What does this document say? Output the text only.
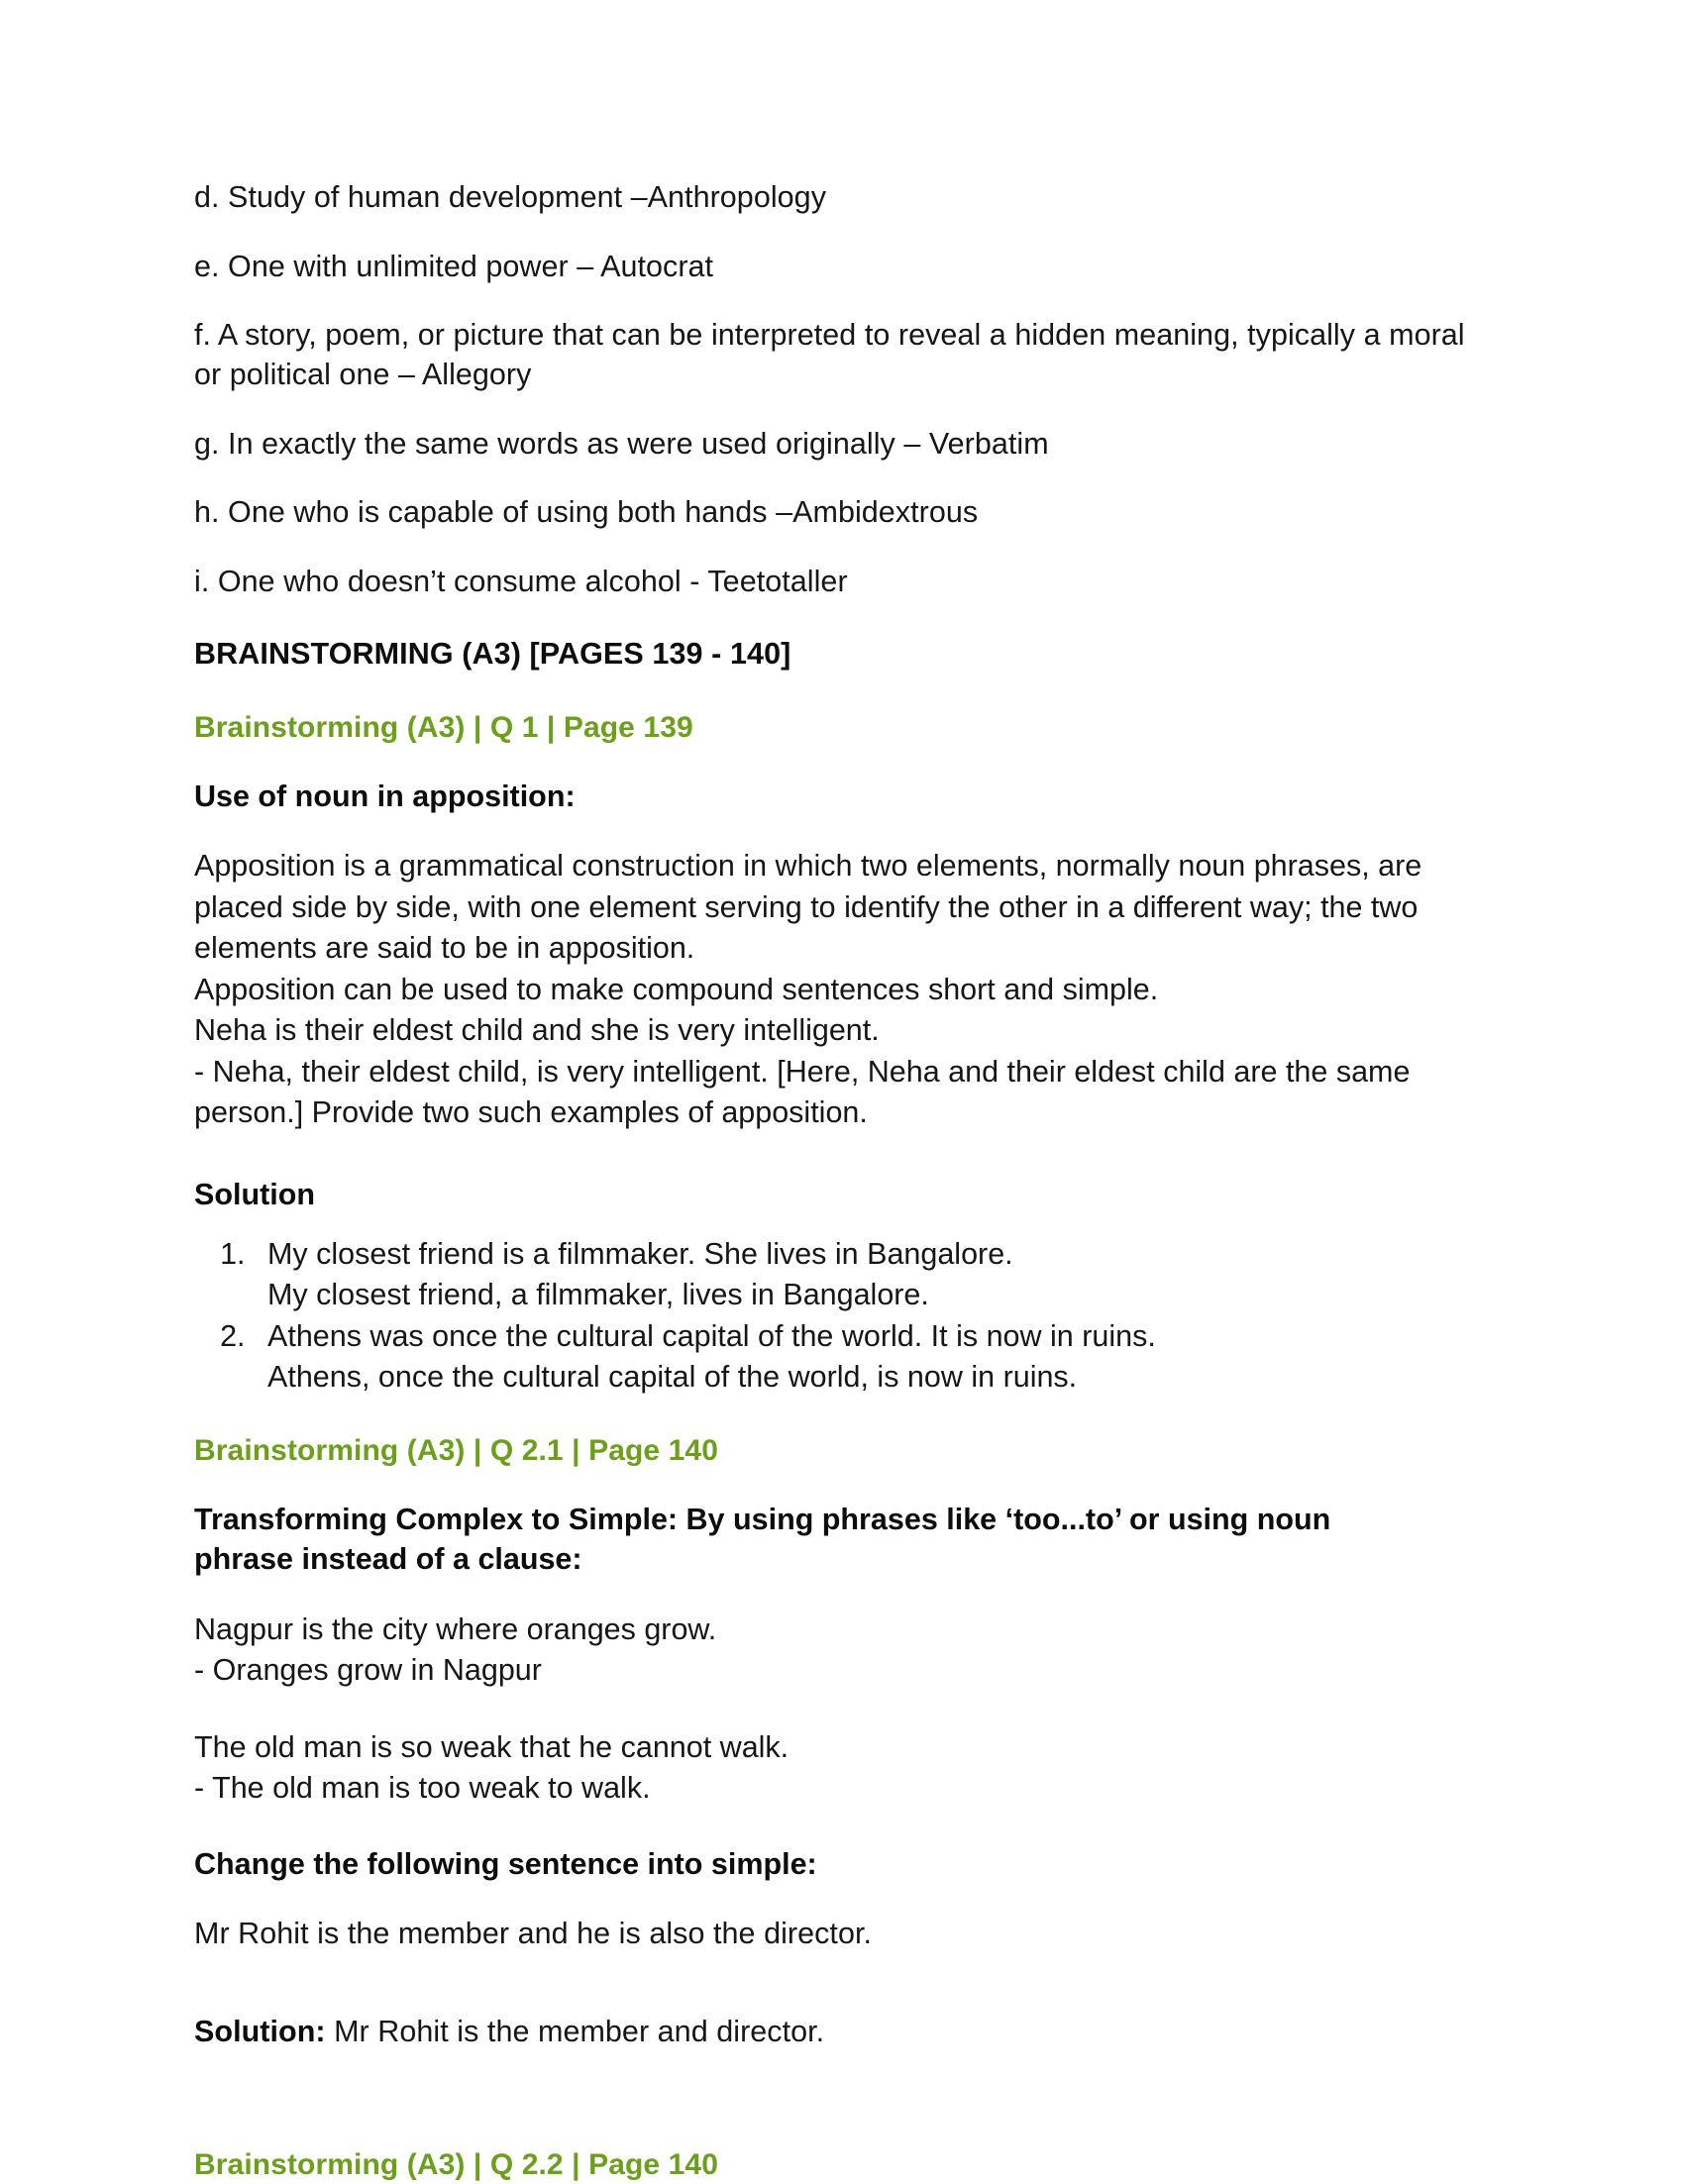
d. Study of human development –Anthropology

e. One with unlimited power – Autocrat

f. A story, poem, or picture that can be interpreted to reveal a hidden meaning, typically a moral or political one – Allegory

g. In exactly the same words as were used originally – Verbatim

h. One who is capable of using both hands –Ambidextrous

i. One who doesn’t consume alcohol - Teetotaller

BRAINSTORMING (A3) [PAGES 139 - 140]
Brainstorming (A3) | Q 1 | Page 139
Use of noun in apposition:
Apposition is a grammatical construction in which two elements, normally noun phrases, are placed side by side, with one element serving to identify the other in a different way; the two elements are said to be in apposition.
Apposition can be used to make compound sentences short and simple.
Neha is their eldest child and she is very intelligent.
- Neha, their eldest child, is very intelligent. [Here, Neha and their eldest child are the same person.] Provide two such examples of apposition.
Solution
1. My closest friend is a filmmaker. She lives in Bangalore.
My closest friend, a filmmaker, lives in Bangalore.
2. Athens was once the cultural capital of the world. It is now in ruins.
Athens, once the cultural capital of the world, is now in ruins.
Brainstorming (A3) | Q 2.1 | Page 140
Transforming Complex to Simple: By using phrases like ‘too...to’ or using noun phrase instead of a clause:
Nagpur is the city where oranges grow.
- Oranges grow in Nagpur
The old man is so weak that he cannot walk.
- The old man is too weak to walk.
Change the following sentence into simple:

Mr Rohit is the member and he is also the director.

Solution: Mr Rohit is the member and director.

Brainstorming (A3) | Q 2.2 | Page 140
